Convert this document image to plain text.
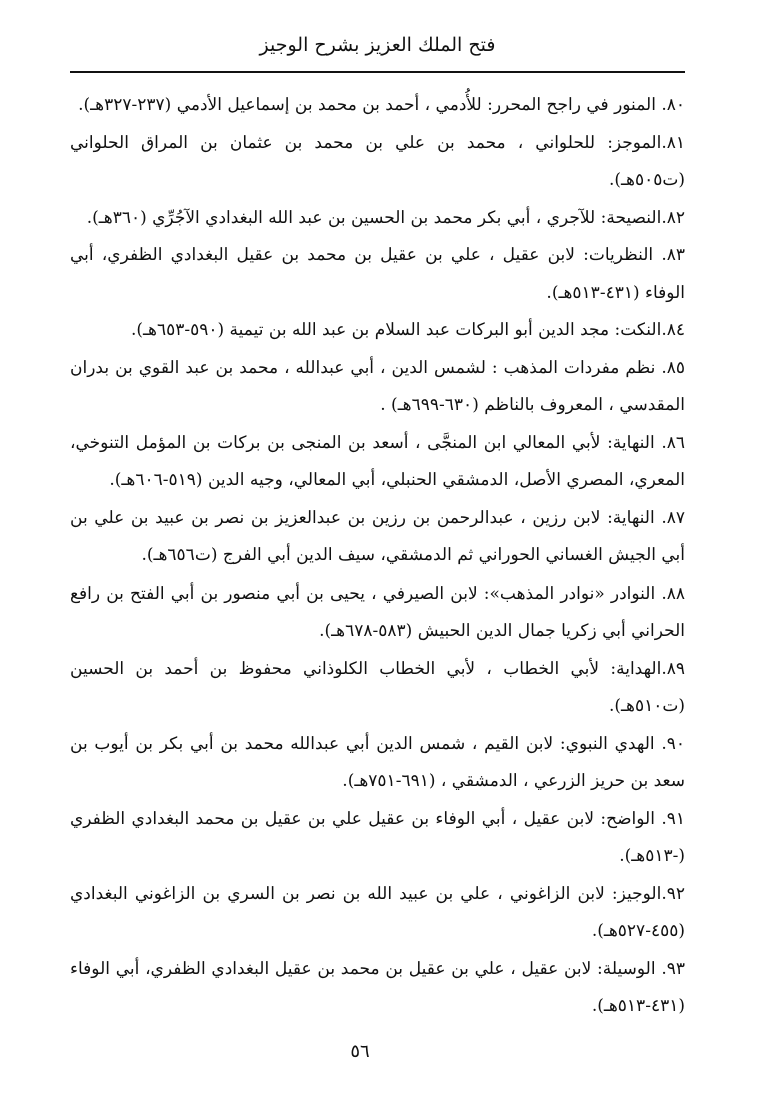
فتح الملك العزيز بشرح الوجيز

٨٠. المنور في راجح المحرر: للأُدمي ، أحمد بن محمد بن إسماعيل الأدمي (٢٣٧-٣٢٧هـ).

٨١.الموجز: للحلواني ، محمد بن علي بن محمد بن عثمان بن المراق الحلواني (ت٥٠٥هـ).

٨٢.النصيحة: للآجري ، أبي بكر محمد بن الحسين بن عبد الله البغدادي الآجُرِّي (٣٦٠هـ).

٨٣. النظريات: لابن عقيل ، علي بن عقيل بن محمد بن عقيل البغدادي الظفري، أبي الوفاء (٤٣١-٥١٣هـ).

٨٤.النكت: مجد الدين أبو البركات عبد السلام بن عبد الله بن تيمية (٥٩٠-٦٥٣هـ).

٨٥. نظم مفردات المذهب : لشمس الدين ، أبي عبدالله ، محمد بن عبد القوي بن بدران المقدسي ، المعروف بالناظم (٦٣٠-٦٩٩هـ) .

٨٦. النهاية: لأبي المعالي ابن المنجَّى ، أسعد بن المنجى بن بركات بن المؤمل التنوخي، المعري، المصري الأصل، الدمشقي الحنبلي، أبي المعالي، وجيه الدين (٥١٩-٦٠٦هـ).

٨٧. النهاية: لابن رزين ، عبدالرحمن بن رزين بن عبدالعزيز بن نصر بن عبيد بن علي بن أبي الجيش الغساني الحوراني ثم الدمشقي، سيف الدين أبي الفرج (ت٦٥٦هـ).

٨٨. النوادر «نوادر المذهب»: لابن الصيرفي ، يحيى بن أبي منصور بن أبي الفتح بن رافع الحراني أبي زكريا جمال الدين الحبيش (٥٨٣-٦٧٨هـ).

٨٩.الهداية: لأبي الخطاب ، لأبي الخطاب الكلوذاني محفوظ بن أحمد بن الحسين (ت٥١٠هـ).

٩٠. الهدي النبوي: لابن القيم ، شمس الدين أبي عبدالله محمد بن أبي بكر بن أيوب بن سعد بن حريز الزرعي ، الدمشقي ، (٦٩١-٧٥١هـ).

٩١. الواضح: لابن عقيل ، أبي الوفاء بن عقيل علي بن عقيل بن محمد البغدادي الظفري (-٥١٣هـ).

٩٢.الوجيز: لابن الزاغوني ، علي بن عبيد الله بن نصر بن السري بن الزاغوني البغدادي (٤٥٥-٥٢٧هـ).

٩٣. الوسيلة: لابن عقيل ، علي بن عقيل بن محمد بن عقيل البغدادي الظفري، أبي الوفاء (٤٣١-٥١٣هـ).

٥٦
